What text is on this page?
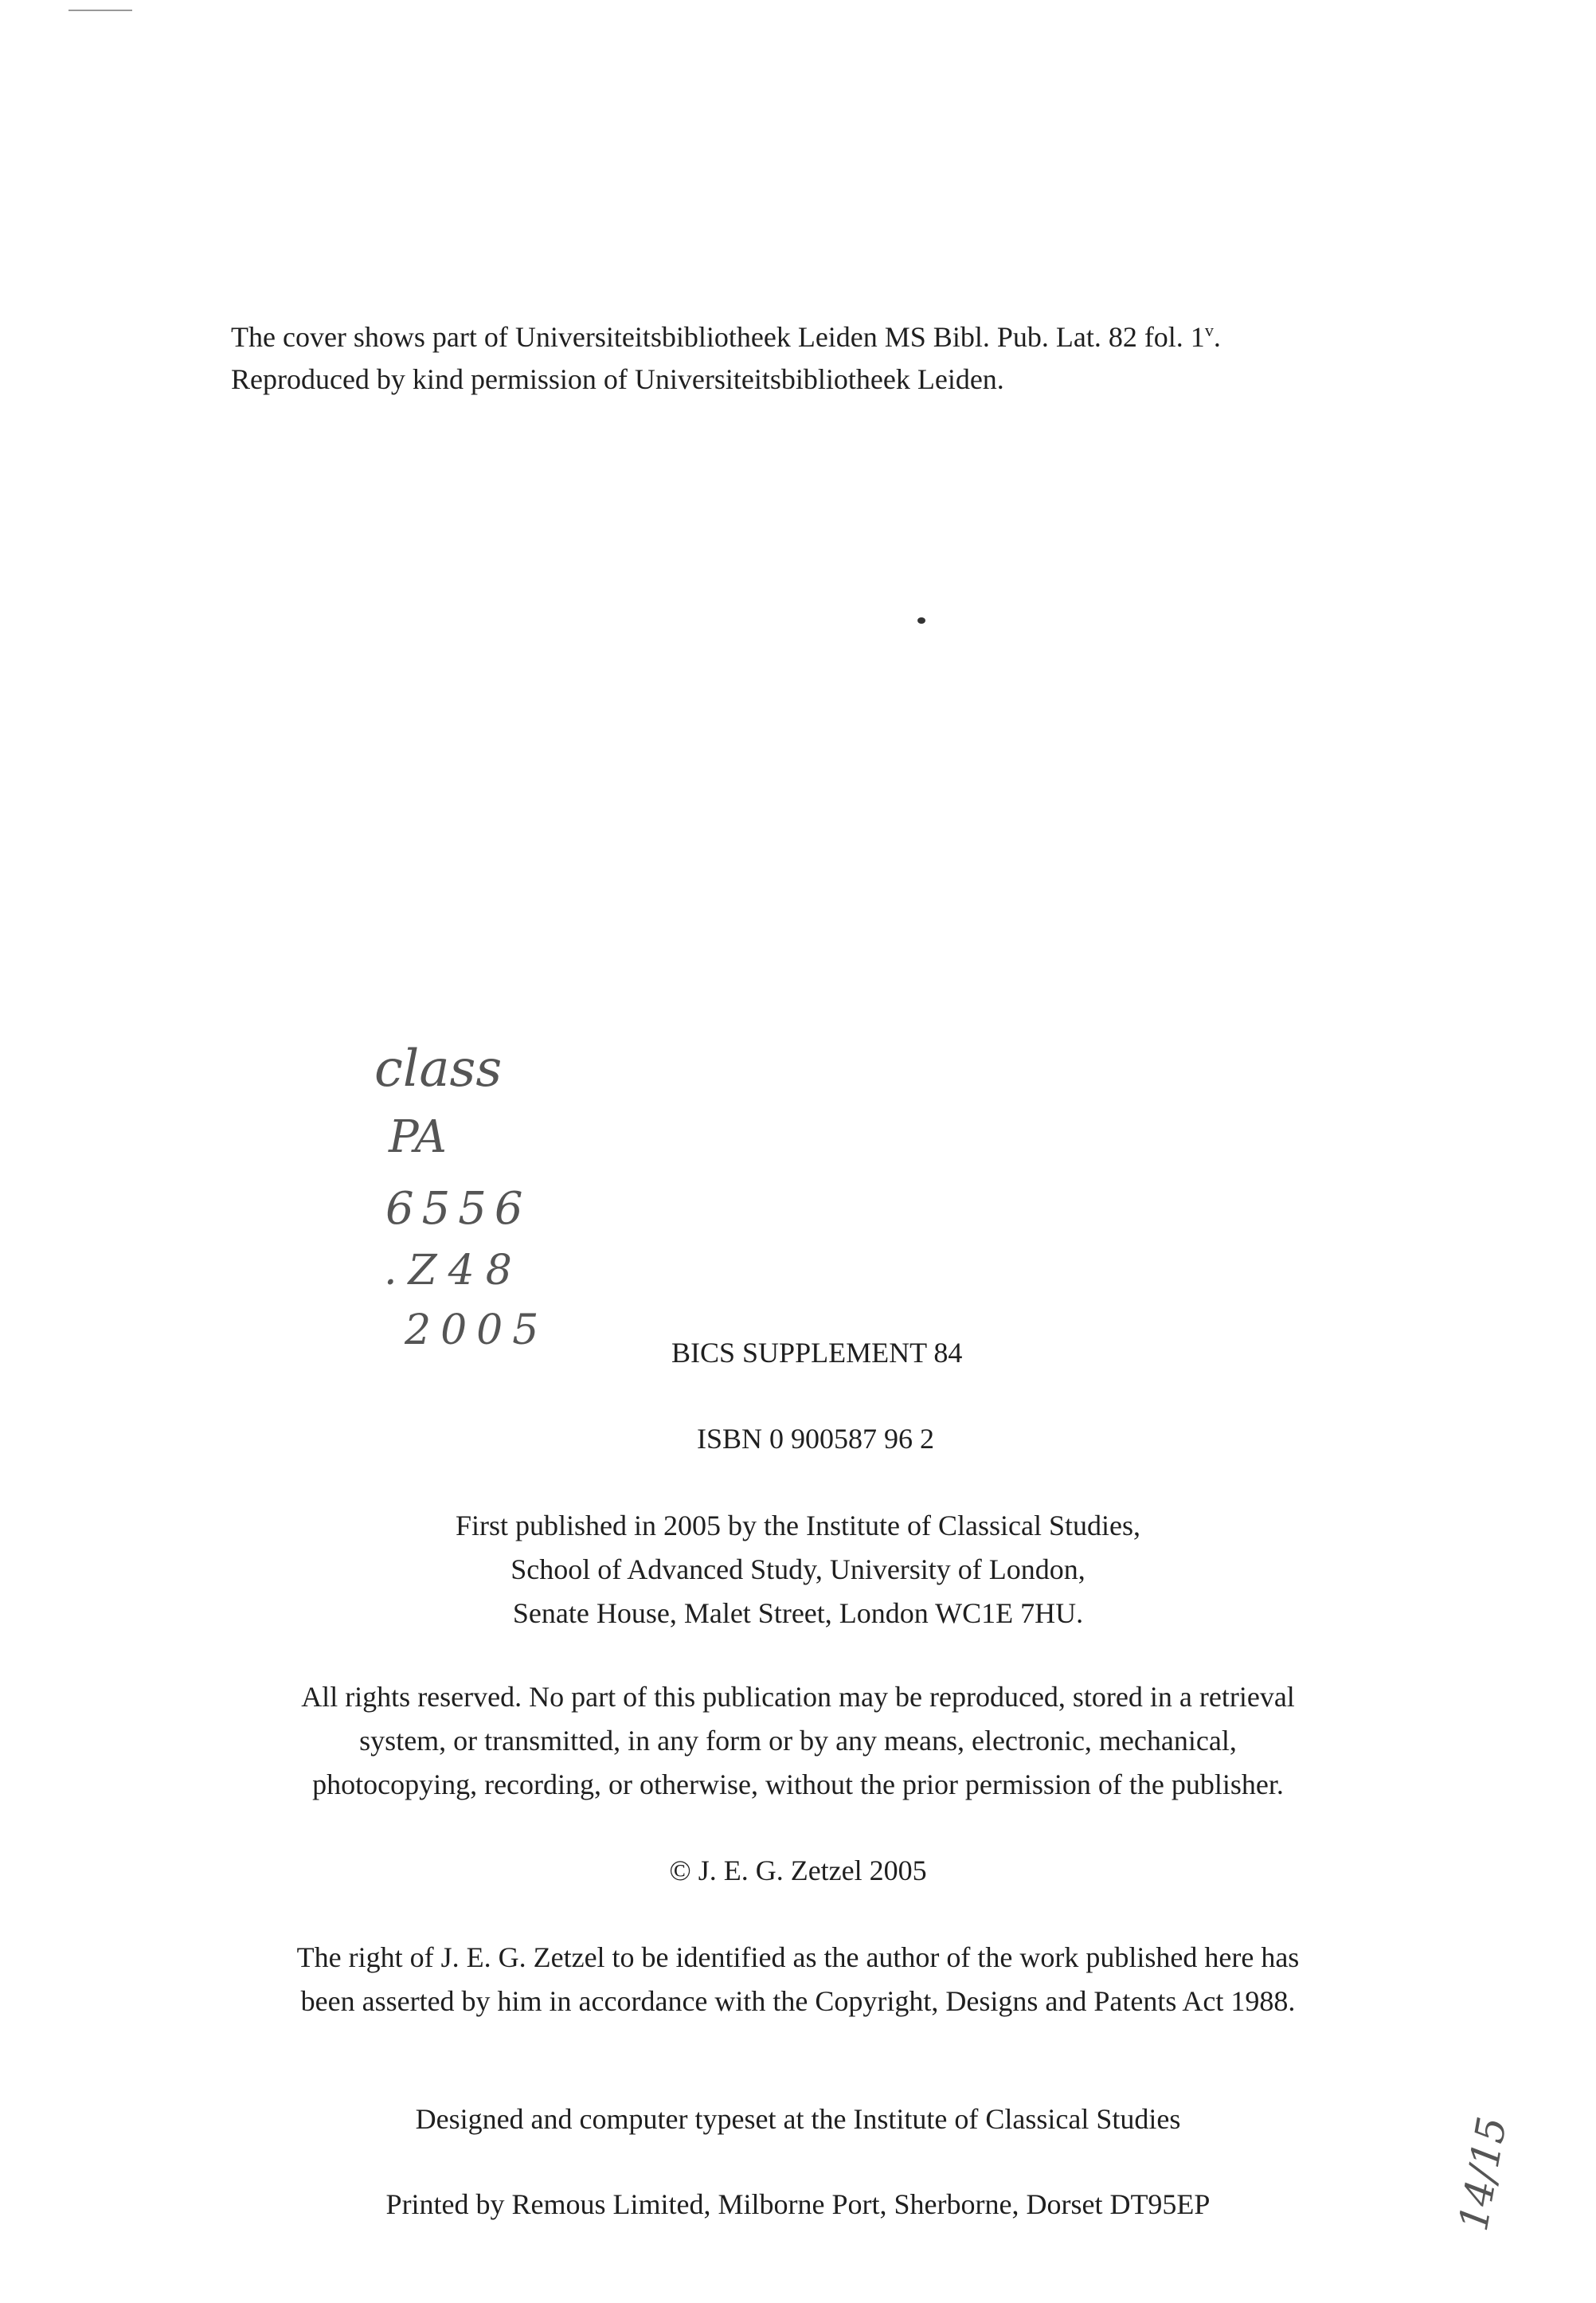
The cover shows part of Universiteitsbibliotheek Leiden MS Bibl. Pub. Lat. 82 fol. 1$^v$.
Reproduced by kind permission of Universiteitsbibliotheek Leiden.
class
PA
6556
.Z48
2005	BICS SUPPLEMENT 84
ISBN 0 900587 96 2
First published in 2005 by the Institute of Classical Studies,
School of Advanced Study, University of London,
Senate House, Malet Street, London WC1E 7HU.
All rights reserved. No part of this publication may be reproduced, stored in a retrieval
system, or transmitted, in any form or by any means, electronic, mechanical,
photocopying, recording, or otherwise, without the prior permission of the publisher.
© J. E. G. Zetzel 2005
The right of J. E. G. Zetzel to be identified as the author of the work published here has
been asserted by him in accordance with the Copyright, Designs and Patents Act 1988.
Designed and computer typeset at the Institute of Classical Studies
Printed by Remous Limited, Milborne Port, Sherborne, Dorset DT95EP	14/15
